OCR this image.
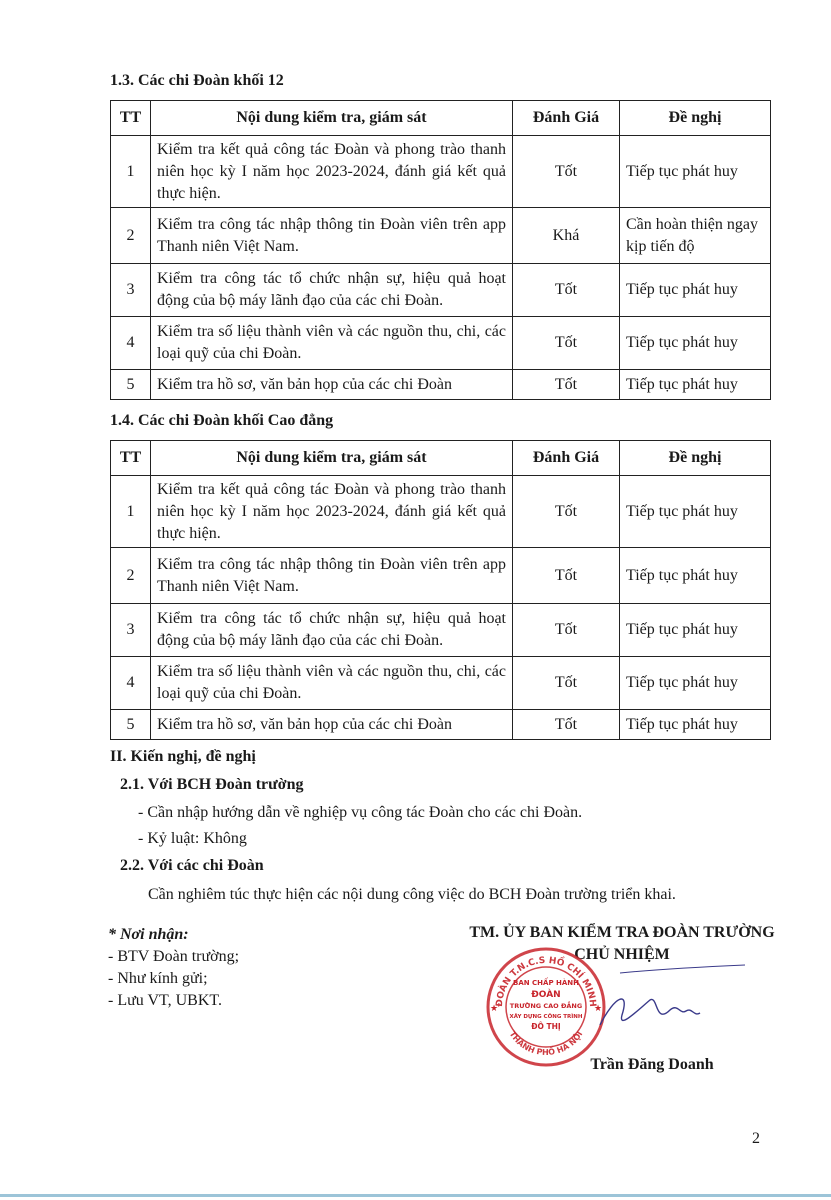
1.3. Các chi Đoàn khối 12
TT	Nội dung kiểm tra, giám sát	Đánh Giá	Đề nghị
1	Kiểm tra kết quả công tác Đoàn và phong trào thanh niên học kỳ I năm học 2023-2024, đánh giá kết quả thực hiện.	Tốt	Tiếp tục phát huy
2	Kiểm tra công tác nhập thông tin Đoàn viên trên app Thanh niên Việt Nam.	Khá	Cần hoàn thiện ngay kịp tiến độ
3	Kiểm tra công tác tổ chức nhận sự, hiệu quả hoạt động của bộ máy lãnh đạo của các chi Đoàn.	Tốt	Tiếp tục phát huy
4	Kiểm tra số liệu thành viên và các nguồn thu, chi, các loại quỹ của chi Đoàn.	Tốt	Tiếp tục phát huy
5	Kiểm tra hồ sơ, văn bản họp của các chi Đoàn	Tốt	Tiếp tục phát huy
1.4. Các chi Đoàn khối Cao đẳng
TT	Nội dung kiểm tra, giám sát	Đánh Giá	Đề nghị
1	Kiểm tra kết quả công tác Đoàn và phong trào thanh niên học kỳ I năm học 2023-2024, đánh giá kết quả thực hiện.	Tốt	Tiếp tục phát huy
2	Kiểm tra công tác nhập thông tin Đoàn viên trên app Thanh niên Việt Nam.	Tốt	Tiếp tục phát huy
3	Kiểm tra công tác tổ chức nhận sự, hiệu quả hoạt động của bộ máy lãnh đạo của các chi Đoàn.	Tốt	Tiếp tục phát huy
4	Kiểm tra số liệu thành viên và các nguồn thu, chi, các loại quỹ của chi Đoàn.	Tốt	Tiếp tục phát huy
5	Kiểm tra hồ sơ, văn bản họp của các chi Đoàn	Tốt	Tiếp tục phát huy
II. Kiến nghị, đề nghị
2.1. Với BCH Đoàn trường
- Cần nhập hướng dẫn về nghiệp vụ công tác Đoàn cho các chi Đoàn.
- Kỷ luật: Không
2.2. Với các chi Đoàn
Cần nghiêm túc thực hiện các nội dung công việc do BCH Đoàn trường triển khai.
* Nơi nhận:
- BTV Đoàn trường;
- Như kính gửi;
- Lưu VT, UBKT.
TM. ỦY BAN KIỂM TRA ĐOÀN TRƯỜNG
CHỦ NHIỆM
ĐOÀN T.N.C.S HỒ CHÍ MINH
THÀNH PHỐ HÀ NỘI
BAN CHẤP HÀNH
ĐOÀN
TRƯỜNG CAO ĐẲNG
XÂY DỰNG CÔNG TRÌNH
ĐÔ THỊ
★	★
Trần Đăng Doanh
2
